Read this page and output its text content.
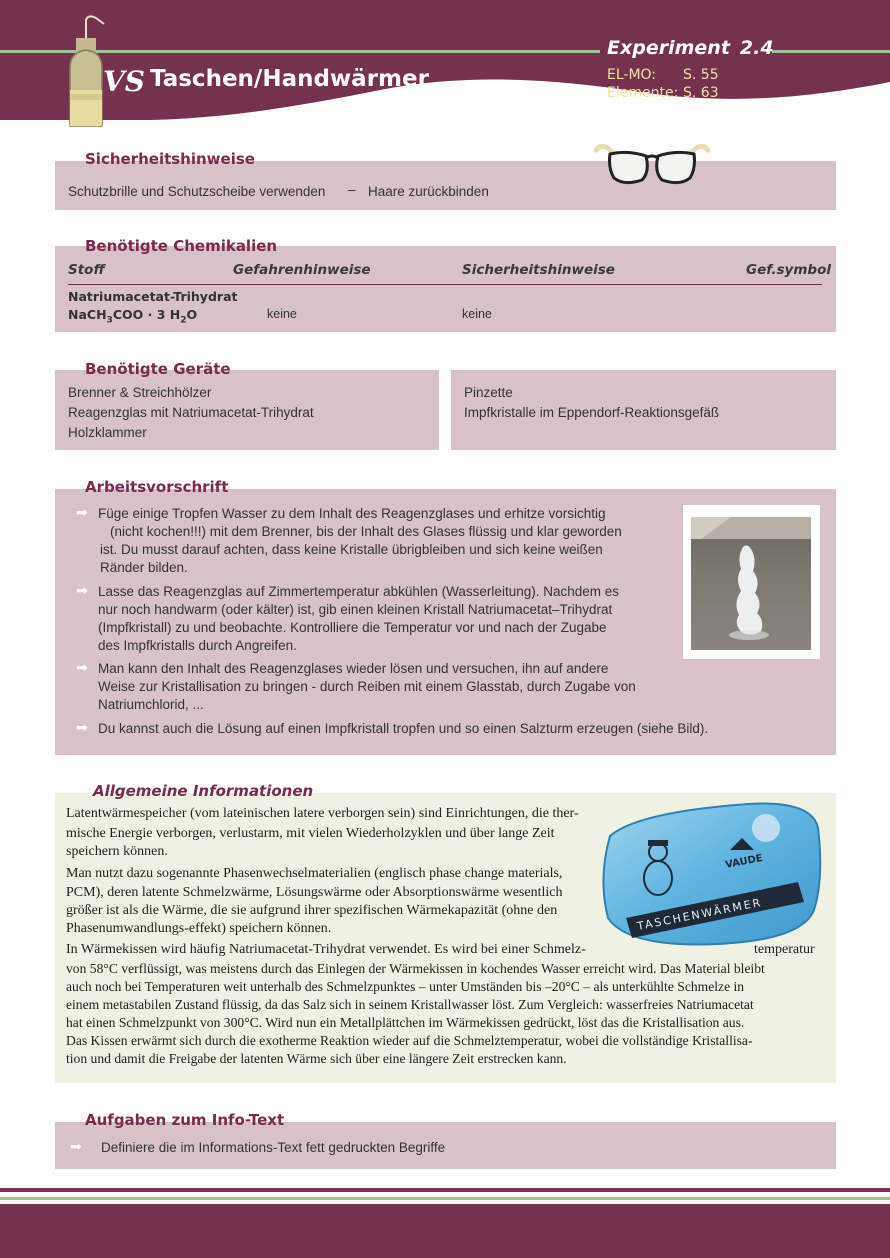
VS Taschen/Handwärmer
Experiment 2.4
EL-MO: S. 55
Elemente: S. 63
Sicherheitshinweise
Schutzbrille und Schutzscheibe verwenden – Haare zurückbinden
Benötigte Chemikalien
Stoff	Gefahrenhinweise	Sicherheitshinweise	Gef.symbol
Natriumacetat-Trihydrat
NaCH$_3$COO · 3 $H_2O$	keine	keine
Benötigte Geräte
Brenner & Streichhölzer
Reagenzglas mit Natriumacetat-Trihydrat
Holzklammer
Pinzette
Impfkristalle im Eppendorf-Reaktionsgefäß
Arbeitsvorschrift
➡ Füge einige Tropfen Wasser zu dem Inhalt des Reagenzglases und erhitze vorsichtig
(nicht kochen!!!) mit dem Brenner, bis der Inhalt des Glases flüssig und klar geworden
ist. Du musst darauf achten, dass keine Kristalle übrigbleiben und sich keine weißen
Ränder bilden.
➡ Lasse das Reagenzglas auf Zimmertemperatur abkühlen (Wasserleitung). Nachdem es
nur noch handwarm (oder kälter) ist, gib einen kleinen Kristall Natriumacetat–Trihydrat
(Impfkristall) zu und beobachte. Kontrolliere die Temperatur vor und nach der Zugabe
des Impfkristalls durch Angreifen.
➡ Man kann den Inhalt des Reagenzglases wieder lösen und versuchen, ihn auf andere
Weise zur Kristallisation zu bringen - durch Reiben mit einem Glasstab, durch Zugabe von
Natriumchlorid, ...
➡ Du kannst auch die Lösung auf einen Impfkristall tropfen und so einen Salzturm erzeugen (siehe Bild).
Allgemeine Informationen
Latentwärmespeicher (vom lateinischen latere verborgen sein) sind Einrichtungen, die ther-
mische Energie verborgen, verlustarm, mit vielen Wiederholzyklen und über lange Zeit
speichern können.
Man nutzt dazu sogenannte Phasenwechselmaterialien (englisch phase change materials,
PCM), deren latente Schmelzwärme, Lösungswärme oder Absorptionswärme wesentlich
größer ist als die Wärme, die sie aufgrund ihrer spezifischen Wärmekapazität (ohne den
Phasenumwandlungs-effekt) speichern können.
In Wärmekissen wird häufig Natriumacetat-Trihydrat verwendet. Es wird bei einer Schmelz-	temperatur
von 58°C verflüssigt, was meistens durch das Einlegen der Wärmekissen in kochendes Wasser erreicht wird. Das Material bleibt
auch noch bei Temperaturen weit unterhalb des Schmelzpunktes – unter Umständen bis –20°C – als unterkühlte Schmelze in
einem metastabilen Zustand flüssig, da das Salz sich in seinem Kristallwasser löst. Zum Vergleich: wasserfreies Natriumacetat
hat einen Schmelzpunkt von 300°C. Wird nun ein Metallplättchen im Wärmekissen gedrückt, löst das die Kristallisation aus.
Das Kissen erwärmt sich durch die exotherme Reaktion wieder auf die Schmelztemperatur, wobei die vollständige Kristallisa-
tion und damit die Freigabe der latenten Wärme sich über eine längere Zeit erstrecken kann.
TASCHENWÄRMER
VAUDE
Aufgaben zum Info-Text
➡ Definiere die im Informations-Text fett gedruckten Begriffe
